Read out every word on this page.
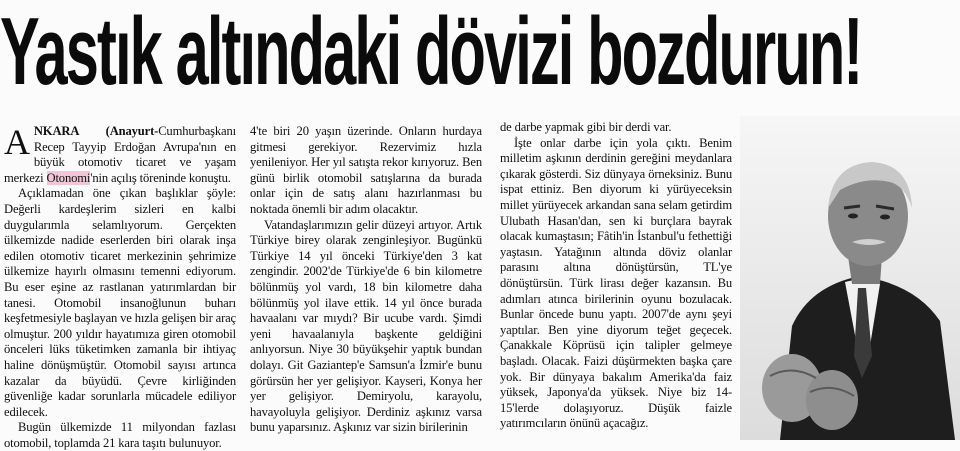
Yastık altındaki dövizi bozdurun!

ANKARA (Anayurt-Cumhurbaşkanı Recep Tayyip Erdoğan Avrupa'nın en büyük otomotiv ticaret ve yaşam merkezi Otonomi'nin açılış töreninde konuştu.

Açıklamadan öne çıkan başlıklar şöyle: Değerli kardeşlerim sizleri en kalbi duygularımla selamlıyorum. Gerçekten ülkemizde nadide eserlerden biri olarak inşa edilen otomotiv ticaret merkezinin şehrimize ülkemize hayırlı olmasını temenni ediyorum. Bu eser eşine az rastlanan yatırımlardan bir tanesi. Otomobil insanoğlunun buharı keşfetmesiyle başlayan ve hızla gelişen bir araç olmuştur. 200 yıldır hayatımıza giren otomobil önceleri lüks tüketimken zamanla bir ihtiyaç haline dönüşmüştür. Otomobil sayısı artınca kazalar da büyüdü. Çevre kirliğinden güvenliğe kadar sorunlarla mücadele ediliyor edilecek.

Bugün ülkemizde 11 milyondan fazlası otomobil, toplamda 21 kara taşıtı bulunuyor.

4'te biri 20 yaşın üzerinde. Onların hurdaya gitmesi gerekiyor. Rezervimiz hızla yenileniyor. Her yıl satışta rekor kırıyoruz. Ben günü birlik otomobil satışlarına da burada onlar için de satış alanı hazırlanması bu noktada önemli bir adım olacaktır.

Vatandaşlarımızın gelir düzeyi artıyor. Artık Türkiye birey olarak zenginleşiyor. Bugünkü Türkiye 14 yıl önceki Türkiye'den 3 kat zengindir. 2002'de Türkiye'de 6 bin kilometre bölünmüş yol vardı, 18 bin kilometre daha bölünmüş yol ilave ettik. 14 yıl önce burada havaalanı var mıydı? Bir ucube vardı. Şimdi yeni havaalanıyla başkente geldiğini anlıyorsun. Niye 30 büyükşehir yaptık bundan dolayı. Git Gaziantep'e Samsun'a İzmir'e bunu görürsün her yer gelişiyor. Kayseri, Konya her yer gelişiyor. Demiryolu, karayolu, havayoluyla gelişiyor. Derdiniz aşkınız varsa bunu yaparsınız. Aşkınız var sizin birilerinin

de darbe yapmak gibi bir derdi var.

İşte onlar darbe için yola çıktı. Benim milletim aşkının derdinin gereğini meydanlara çıkarak gösterdi. Siz dünyaya örneksiniz. Bunu ispat ettiniz. Ben diyorum ki yürüyeceksin millet yürüyecek arkandan sana selam getirdim Ulubath Hasan'dan, sen ki burçlara bayrak olacak kumaştasın; Fâtih'in İstanbul'u fethettiği yaştasın. Yatağının altında döviz olanlar parasını altına dönüştürsün, TL'ye dönüştürsün. Türk lirası değer kazansın. Bu adımları atınca birilerinin oyunu bozulacak. Bunlar öncede bunu yaptı. 2007'de aynı şeyi yaptılar. Ben yine diyorum teğet geçecek. Çanakkale Köprüsü için talipler gelmeye başladı. Olacak. Faizi düşürmekten başka çare yok. Bir dünyaya bakalım Amerika'da faiz yüksek, Japonya'da yüksek. Niye biz 14-15'lerde dolaşıyoruz. Düşük faizle yatırımcıların önünü açacağız.
